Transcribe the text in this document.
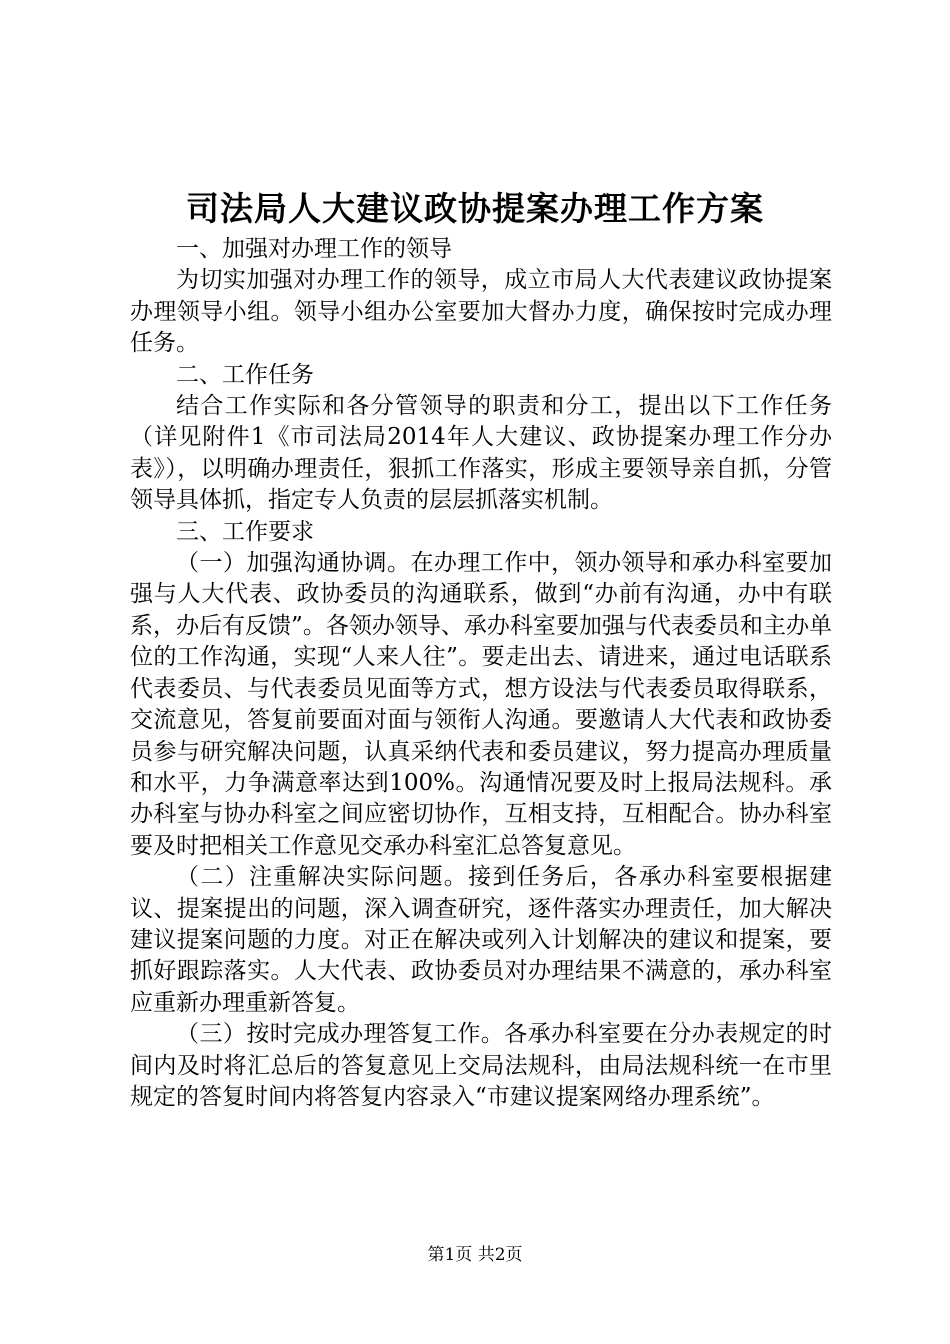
司法局人大建议政协提案办理工作方案

一、加强对办理工作的领导

为切实加强对办理工作的领导，成立市局人大代表建议政协提案办理领导小组。领导小组办公室要加大督办力度，确保按时完成办理任务。

二、工作任务

结合工作实际和各分管领导的职责和分工，提出以下工作任务（详见附件1《市司法局2014年人大建议、政协提案办理工作分办表》），以明确办理责任，狠抓工作落实，形成主要领导亲自抓，分管领导具体抓，指定专人负责的层层抓落实机制。

三、工作要求

（一）加强沟通协调。在办理工作中，领办领导和承办科室要加强与人大代表、政协委员的沟通联系，做到“办前有沟通，办中有联系，办后有反馈”。各领办领导、承办科室要加强与代表委员和主办单位的工作沟通，实现“人来人往”。要走出去、请进来，通过电话联系代表委员、与代表委员见面等方式，想方设法与代表委员取得联系，交流意见，答复前要面对面与领衔人沟通。要邀请人大代表和政协委员参与研究解决问题，认真采纳代表和委员建议，努力提高办理质量和水平，力争满意率达到100%。沟通情况要及时上报局法规科。承办科室与协办科室之间应密切协作，互相支持，互相配合。协办科室要及时把相关工作意见交承办科室汇总答复意见。

（二）注重解决实际问题。接到任务后，各承办科室要根据建议、提案提出的问题，深入调查研究，逐件落实办理责任，加大解决建议提案问题的力度。对正在解决或列入计划解决的建议和提案，要抓好跟踪落实。人大代表、政协委员对办理结果不满意的，承办科室应重新办理重新答复。

（三）按时完成办理答复工作。各承办科室要在分办表规定的时间内及时将汇总后的答复意见上交局法规科，由局法规科统一在市里规定的答复时间内将答复内容录入“市建议提案网络办理系统”。

第1页 共2页
